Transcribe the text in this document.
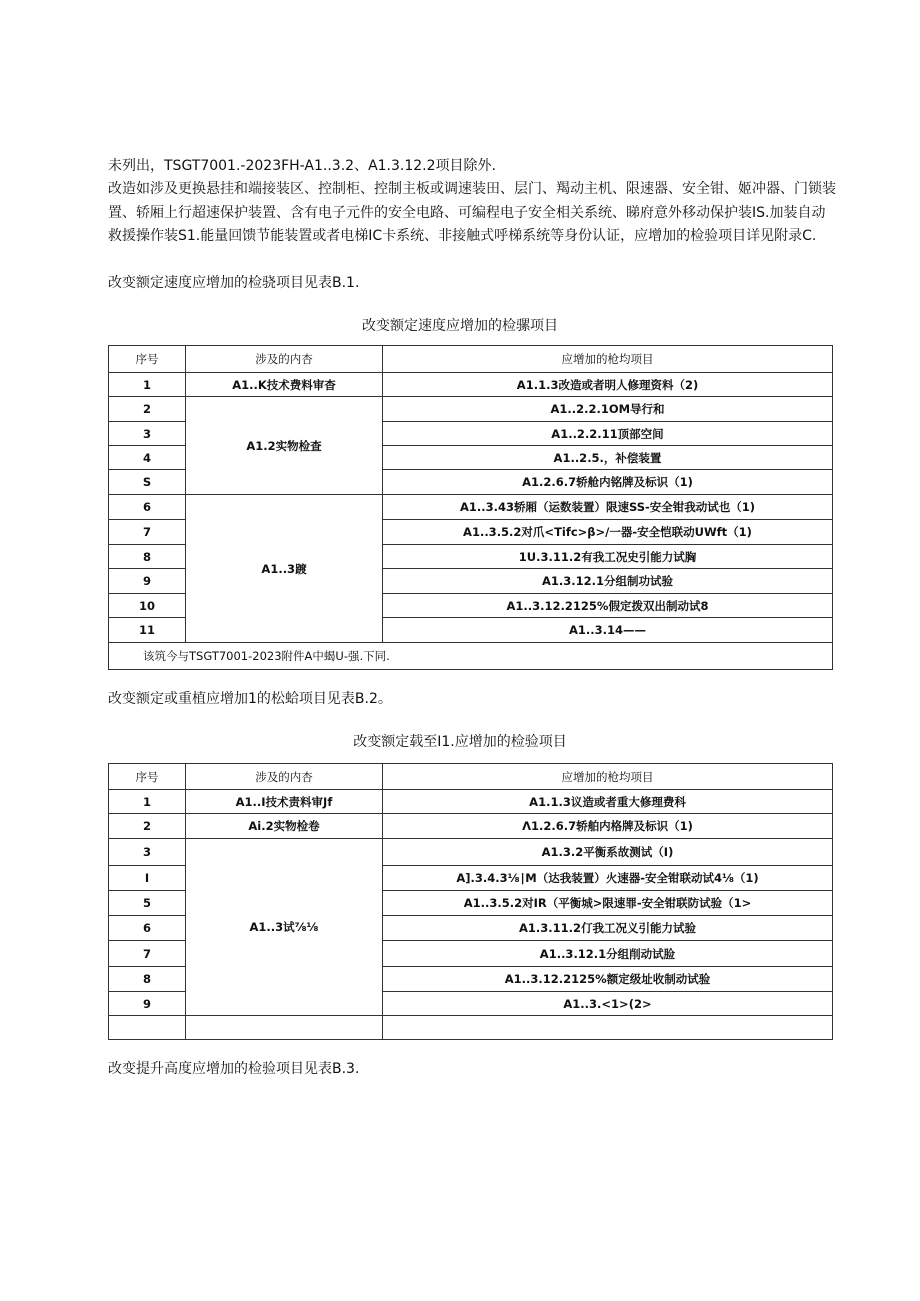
未列出，TSGT7001.-2023FH-A1..3.2、A1.3.12.2项目除外.

改造如涉及更换悬挂和端接装区、控制柜、控制主板或调速装田、层门、羯动主机、限速器、安全钳、姬冲器、门锁装置、轿厢上行超速保护装置、含有电子元件的安全电路、可编程电子安全相关系统、睇府意外移动保护装IS.加装自动救援操作装S1.能量回馈节能装置或者电梯IC卡系统、非接触式呼梯系统等身份认证，应增加的检验项目详见附录C.

改变额定速度应增加的检骁项目见表B.1.

改变额定速度应增加的检骡项目

序号	涉及的内杏	应增加的枪均项目
1	A1..K技术费料审杳	A1.1.3改造或者明人修理资料（2)
2	A1.2实物检查	A1..2.2.1OM导行和
3		A1..2.2.11顶部空间
4		A1..2.5.，补偿装置
S		A1.2.6.7轿舱内铭牌及标识（1)
6	A1..3踱	A1..3.43轿厢（运数装置）限速SS-安全钳我动试也（1)
7		A1..3.5.2对爪<Tifc>β>/一器-安全恺联动UWft（1)
8		1U.3.11.2有我工况史引能力试胸
9		A1.3.12.1分组制功试验
10		A1..3.12.2125%假定拨双出制动试8
11		A1..3.14——
该筑今与TSGT7001-2023附件A中蝎U-强.下同.		

改变额定或重植应增加1的松蛤项目见表B.2。

改变额定载至I1.应增加的检验项目

序号	涉及的内杏	应增加的枪均项目
1	A1..I技术责料审Jf	A1.1.3议造或者重大修理费科
2	Ai.2实物检卷	Λ1.2.6.7轿舶内格牌及标识（1)
3	A1..3试⅞⅛	A1.3.2平衡系故测试（I)
I		A].3.4.3⅛∣M（达我装置）火速器-安全钳联动试4⅛（1)
5		A1..3.5.2对IR（平衡城>限速罪-安全钳联防试验（1>
6		A1.3.11.2仃我工况义引能力试验
7		A1..3.12.1分组削动试脸
8		A1..3.12.2125%额定级址收制动试验
9		A1..3.<1>(2>

改变提升高度应增加的检验项目见表B.3.
